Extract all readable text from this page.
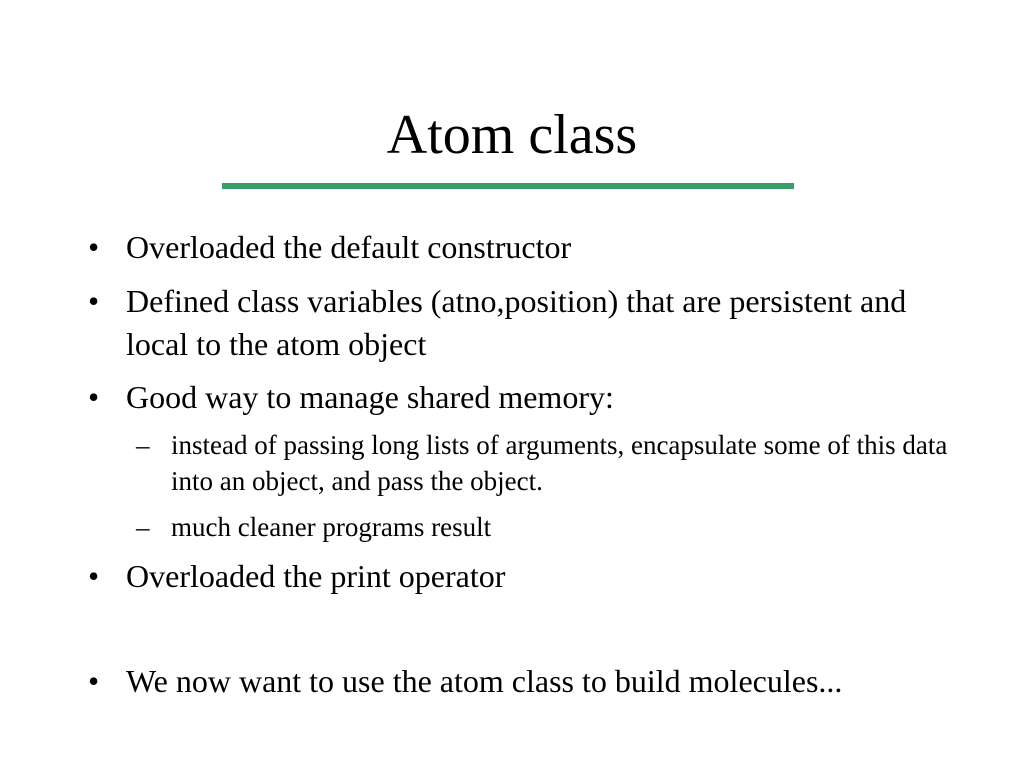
Atom class
• Overloaded the default constructor
• Defined class variables (atno,position) that are persistent and local to the atom object
• Good way to manage shared memory:
– instead of passing long lists of arguments, encapsulate some of this data into an object, and pass the object.
– much cleaner programs result
• Overloaded the print operator
• We now want to use the atom class to build molecules...
